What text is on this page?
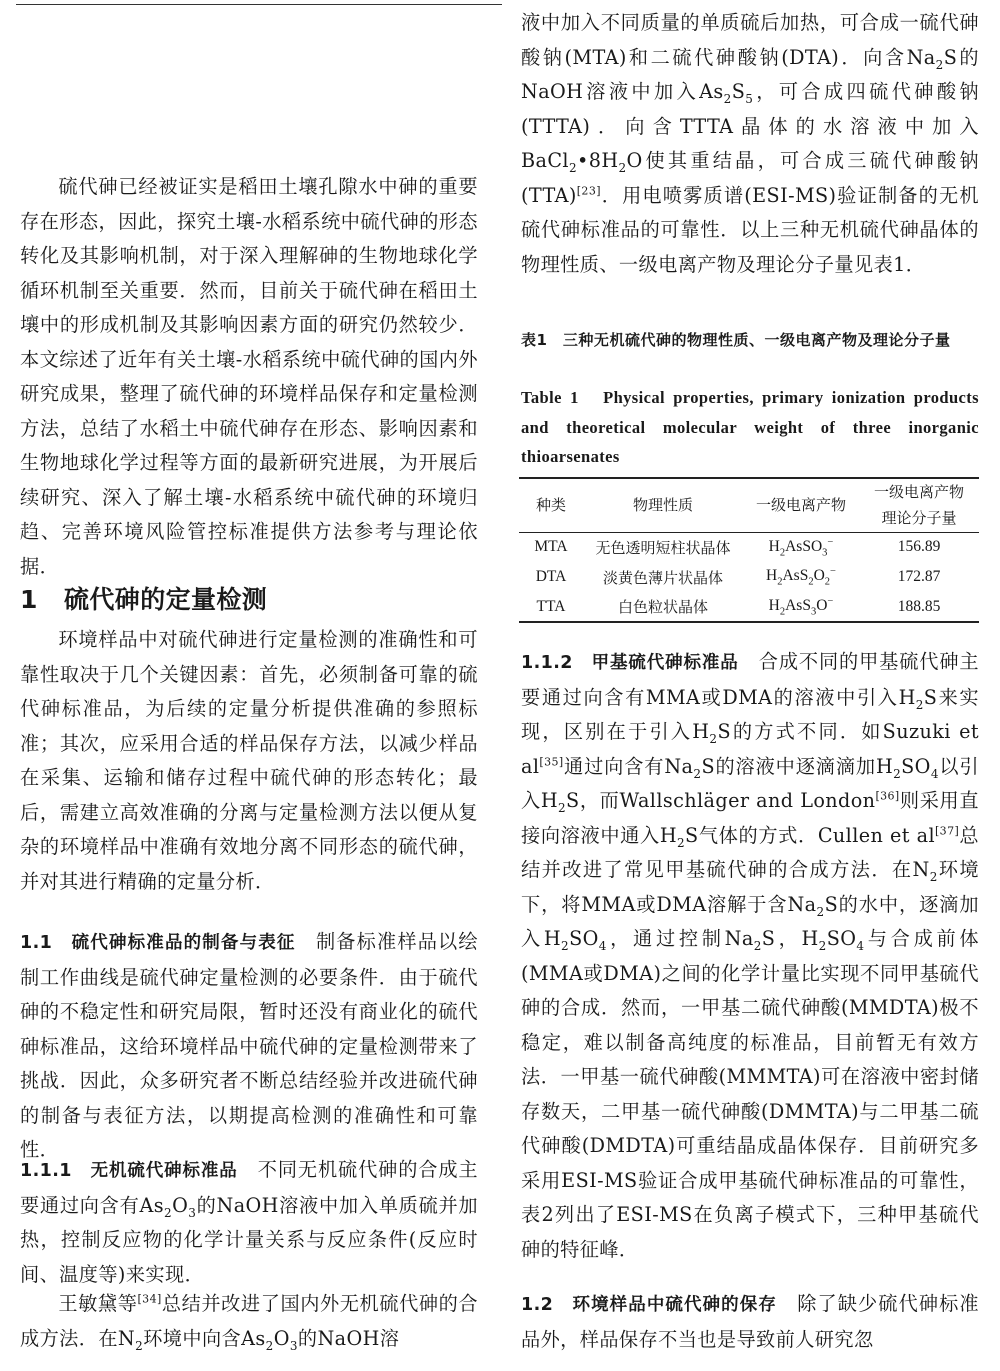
硫代砷已经被证实是稻田土壤孔隙水中砷的重要存在形态，因此，探究土壤-水稻系统中硫代砷的形态转化及其影响机制，对于深入理解砷的生物地球化学循环机制至关重要．然而，目前关于硫代砷在稻田土壤中的形成机制及其影响因素方面的研究仍然较少．本文综述了近年有关土壤-水稻系统中硫代砷的国内外研究成果，整理了硫代砷的环境样品保存和定量检测方法，总结了水稻土中硫代砷存在形态、影响因素和生物地球化学过程等方面的最新研究进展，为开展后续研究、深入了解土壤-水稻系统中硫代砷的环境归趋、完善环境风险管控标准提供方法参考与理论依据．

1 硫代砷的定量检测

环境样品中对硫代砷进行定量检测的准确性和可靠性取决于几个关键因素：首先，必须制备可靠的硫代砷标准品，为后续的定量分析提供准确的参照标准；其次，应采用合适的样品保存方法，以减少样品在采集、运输和储存过程中硫代砷的形态转化；最后，需建立高效准确的分离与定量检测方法以便从复杂的环境样品中准确有效地分离不同形态的硫代砷，并对其进行精确的定量分析．

1.1　硫代砷标准品的制备与表征　制备标准样品以绘制工作曲线是硫代砷定量检测的必要条件．由于硫代砷的不稳定性和研究局限，暂时还没有商业化的硫代砷标准品，这给环境样品中硫代砷的定量检测带来了挑战．因此，众多研究者不断总结经验并改进硫代砷的制备与表征方法，以期提高检测的准确性和可靠性．
1.1.1　无机硫代砷标准品　不同无机硫代砷的合成主要通过向含有$As_2O_3$的NaOH溶液中加入单质硫并加热，控制反应物的化学计量关系与反应条件(反应时间、温度等)来实现．

王敏黛等[34]总结并改进了国内外无机硫代砷的合成方法．在$N_2$环境中向含$As_2O_3$的NaOH溶

液中加入不同质量的单质硫后加热，可合成一硫代砷酸钠(MTA)和二硫代砷酸钠(DTA)．向含$Na_2S$的NaOH溶液中加入$As_2S_5$，可合成四硫代砷酸钠(TTTA)．向含TTTA晶体的水溶液中加入$BaCl_2•8H_2O$使其重结晶，可合成三硫代砷酸钠(TTA)[23]．用电喷雾质谱(ESI-MS)验证制备的无机硫代砷标准品的可靠性．以上三种无机硫代砷晶体的物理性质、一级电离产物及理论分子量见表1．

表1　三种无机硫代砷的物理性质、一级电离产物及理论分子量
Table 1　Physical properties, primary ionization products and theoretical molecular weight of three inorganic thioarsenates
种类	物理性质	一级电离产物	一级电离产物
理论分子量
MTA	无色透明短柱状晶体	$H_2AsSO_3^-$	156.89
DTA	淡黄色薄片状晶体	$H_2AsS_2O_2^-$	172.87
TTA	白色粒状晶体	$H_2AsS_3O^-$	188.85
1.1.2　甲基硫代砷标准品　合成不同的甲基硫代砷主要通过向含有MMA或DMA的溶液中引入$H_2S$来实现，区别在于引入$H_2S$的方式不同．如Suzuki et al[35]通过向含有$Na_2S$的溶液中逐滴滴加$H_2SO_4$以引入$H_2S$，而Wallschläger and London[36]则采用直接向溶液中通入$H_2S$气体的方式．Cullen et al[37]总结并改进了常见甲基硫代砷的合成方法．在$N_2$环境下，将MMA或DMA溶解于含$Na_2S$的水中，逐滴加入$H_2SO_4$，通过控制$Na_2S$，$H_2SO_4$与合成前体(MMA或DMA)之间的化学计量比实现不同甲基硫代砷的合成．然而，一甲基二硫代砷酸(MMDTA)极不稳定，难以制备高纯度的标准品，目前暂无有效方法．一甲基一硫代砷酸(MMMTA)可在溶液中密封储存数天，二甲基一硫代砷酸(DMMTA)与二甲基二硫代砷酸(DMDTA)可重结晶成晶体保存．目前研究多采用ESI-MS验证合成甲基硫代砷标准品的可靠性，表2列出了ESI-MS在负离子模式下，三种甲基硫代砷的特征峰．
1.2　环境样品中硫代砷的保存　除了缺少硫代砷标准品外，样品保存不当也是导致前人研究忽
